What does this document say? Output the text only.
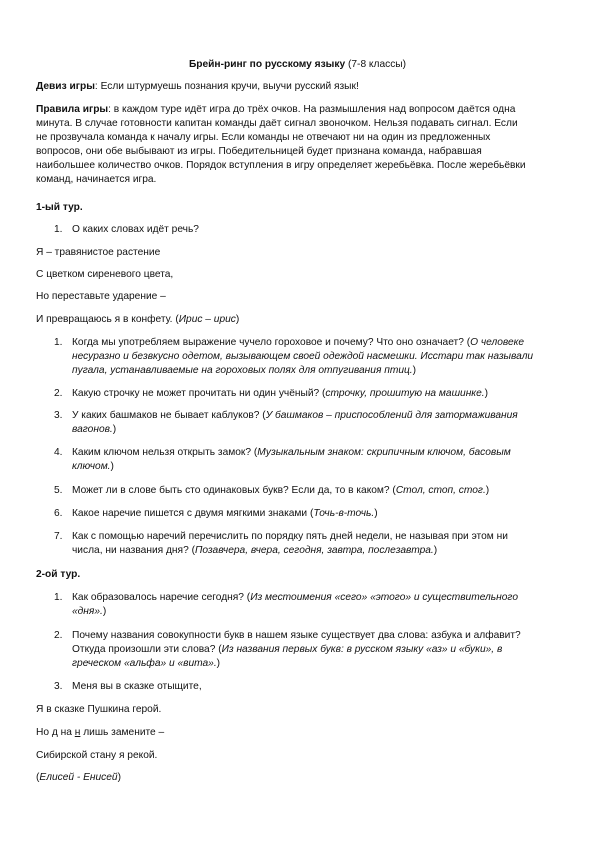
Брейн-ринг по русскому языку (7-8 классы)
Девиз игры: Если штурмуешь познания кручи, выучи русский язык!
Правила игры: в каждом туре идёт игра до трёх очков. На размышления над вопросом даётся одна
минута. В случае готовности капитан команды даёт сигнал звоночком. Нельзя подавать сигнал. Если
не прозвучала команда к началу игры. Если команды не отвечают ни на один из предложенных
вопросов, они обе выбывают из игры. Победительницей будет признана команда, набравшая
наибольшее количество очков. Порядок вступления в игру определяет жеребьёвка. После жеребьёвки
команд, начинается игра.
1-ый тур.
1. О каких словах идёт речь?
Я – травянистое растение
С цветком сиреневого цвета,
Но переставьте ударение –
И превращаюсь я в конфету. (Ирис – ирис)
1. Когда мы употребляем выражение чучело гороховое и почему? Что оно означает? (О человеке
несуразно и безвкусно одетом, вызывающем своей одеждой насмешки. Исстари так называли
пугала, устанавливаемые на гороховых полях для отпугивания птиц.)
2. Какую строчку не может прочитать ни один учёный? (строчку, прошитую на машинке.)
3. У каких башмаков не бывает каблуков? (У башмаков – приспособлений для затормаживания
вагонов.)
4. Каким ключом нельзя открыть замок? (Музыкальным знаком: скрипичным ключом, басовым
ключом.)
5. Может ли в слове быть сто одинаковых букв? Если да, то в каком? (Стол, стоп, стог.)
6. Какое наречие пишется с двумя мягкими знаками (Точь-в-точь.)
7. Как с помощью наречий перечислить по порядку пять дней недели, не называя при этом ни
числа, ни названия дня? (Позавчера, вчера, сегодня, завтра, послезавтра.)
2-ой тур.
1. Как образовалось наречие сегодня? (Из местоимения «сего» «этого» и существительного
«дня».)
2. Почему названия совокупности букв в нашем языке существует два слова: азбука и алфавит?
Откуда произошли эти слова? (Из названия первых букв: в русском языку «аз» и «буки», в
греческом «альфа» и «вита».)
3. Меня вы в сказке отыщите,
Я в сказке Пушкина герой.
Но д на н лишь замените –
Сибирской стану я рекой.
(Елисей - Енисей)
